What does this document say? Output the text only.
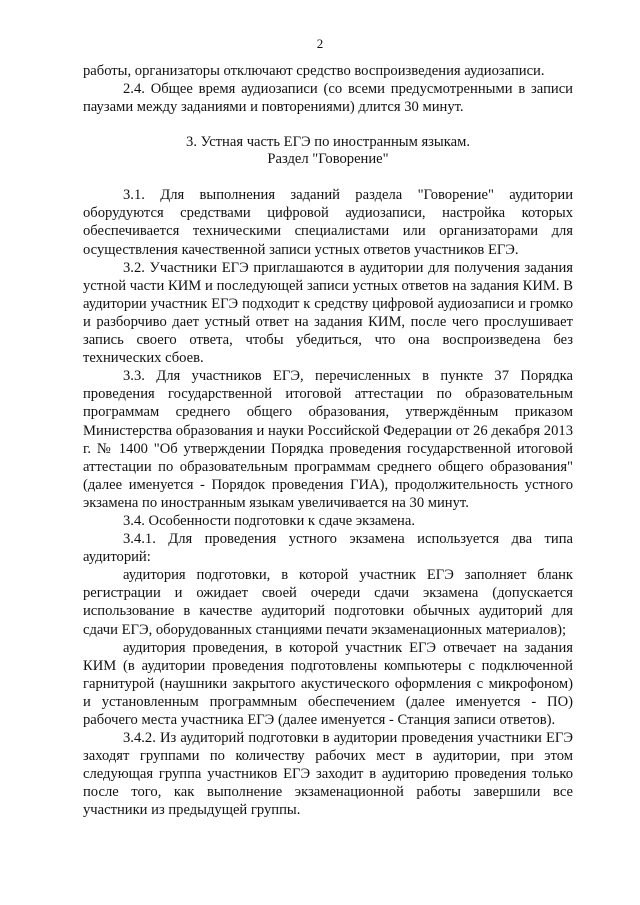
2

работы, организаторы отключают средство воспроизведения аудиозаписи.

2.4. Общее время аудиозаписи (со всеми предусмотренными в записи паузами между заданиями и повторениями) длится 30 минут.

3. Устная часть ЕГЭ по иностранным языкам.
Раздел "Говорение"

3.1. Для выполнения заданий раздела "Говорение" аудитории оборудуются средствами цифровой аудиозаписи, настройка которых обеспечивается техническими специалистами или организаторами для осуществления качественной записи устных ответов участников ЕГЭ.

3.2. Участники ЕГЭ приглашаются в аудитории для получения задания устной части КИМ и последующей записи устных ответов на задания КИМ. В аудитории участник ЕГЭ подходит к средству цифровой аудиозаписи и громко и разборчиво дает устный ответ на задания КИМ, после чего прослушивает запись своего ответа, чтобы убедиться, что она воспроизведена без технических сбоев.

3.3. Для участников ЕГЭ, перечисленных в пункте 37 Порядка проведения государственной итоговой аттестации по образовательным программам среднего общего образования, утверждённым приказом Министерства образования и науки Российской Федерации от 26 декабря 2013 г. № 1400 "Об утверждении Порядка проведения государственной итоговой аттестации по образовательным программам среднего общего образования" (далее именуется - Порядок проведения ГИА), продолжительность устного экзамена по иностранным языкам увеличивается на 30 минут.

3.4. Особенности подготовки к сдаче экзамена.

3.4.1. Для проведения устного экзамена используется два типа аудиторий:

аудитория подготовки, в которой участник ЕГЭ заполняет бланк регистрации и ожидает своей очереди сдачи экзамена (допускается использование в качестве аудиторий подготовки обычных аудиторий для сдачи ЕГЭ, оборудованных станциями печати экзаменационных материалов);

аудитория проведения, в которой участник ЕГЭ отвечает на задания КИМ (в аудитории проведения подготовлены компьютеры с подключенной гарнитурой (наушники закрытого акустического оформления с микрофоном) и установленным программным обеспечением (далее именуется - ПО) рабочего места участника ЕГЭ (далее именуется - Станция записи ответов).

3.4.2. Из аудиторий подготовки в аудитории проведения участники ЕГЭ заходят группами по количеству рабочих мест в аудитории, при этом следующая группа участников ЕГЭ заходит в аудиторию проведения только после того, как выполнение экзаменационной работы завершили все участники из предыдущей группы.
